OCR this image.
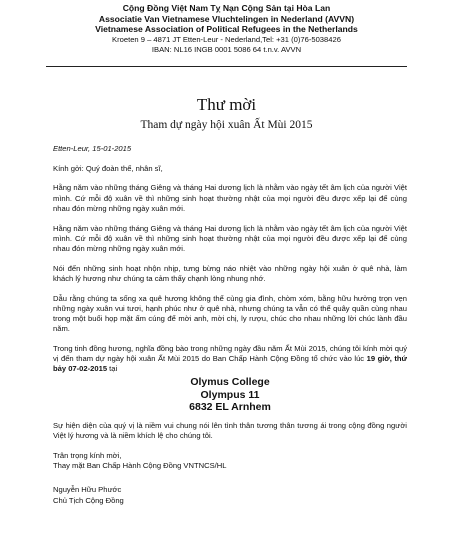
Cộng Đồng Việt Nam Tỵ Nạn Cộng Sản tại Hòa Lan
Associatie Van Vietnamese Vluchtelingen in Nederland (AVVN)
Vietnamese Association of Political Refugees in the Netherlands
Kroeten 9 – 4871 JT Etten-Leur - Nederland,Tel: +31 (0)76-5038426
IBAN: NL16 INGB 0001 5086 64 t.n.v. AVVN
Thư mời
Tham dự ngày hội xuân Ất Mùi 2015

Etten-Leur, 15-01-2015

Kính gởi: Quý đoàn thể, nhân sĩ,

Hằng năm vào những tháng Giêng và tháng Hai dương lịch là nhằm vào ngày tết âm lịch của người Việt mình. Cứ mỗi độ xuân về thì những sinh hoạt thường nhật của mọi người đều được xếp lại để cùng nhau đón mừng những ngày xuân mới.

Hằng năm vào những tháng Giêng và tháng Hai dương lịch là nhằm vào ngày tết âm lịch của người Việt mình. Cứ mỗi độ xuân về thì những sinh hoạt thường nhật của mọi người đều được xếp lại để cùng nhau đón mừng những ngày xuân mới.

Nói đến những sinh hoạt nhộn nhịp, tưng bừng náo nhiệt vào những ngày hội xuân ở quê nhà, làm khách lý hương như chúng ta cảm thấy chạnh lòng nhung nhớ.

Dẫu rằng chúng ta sống xa quê hương không thể cùng gia đình, chòm xóm, bằng hữu hưởng trọn vẹn những ngày xuân vui tươi, hạnh phúc như ở quê nhà, nhưng chúng ta vẫn có thể quây quần cùng nhau trong một buổi họp mặt ấm cúng để mời anh, mời chị, ly rượu, chúc cho nhau những lời chúc lành đầu năm.

Trong tinh đồng hương, nghĩa đồng bào trong những ngày đầu năm Ất Mùi 2015, chúng tôi kính mời quý vị đến tham dự ngày hội xuân Ất Mùi 2015 do Ban Chấp Hành Cộng Đồng tổ chức vào lúc 19 giờ, thứ bảy 07-02-2015 tại

Olymus College
Olympus 11
6832 EL Arnhem

Sự hiện diện của quý vị là niềm vui chung nói lên tình thân tương thân tương ái trong cộng đồng người Việt lý hương và là niềm khích lệ cho chúng tôi.

Trân trọng kính mời,
Thay mặt Ban Chấp Hành Cộng Đồng VNTNCS/HL
Nguyễn Hữu Phước
Chủ Tịch Cộng Đồng
